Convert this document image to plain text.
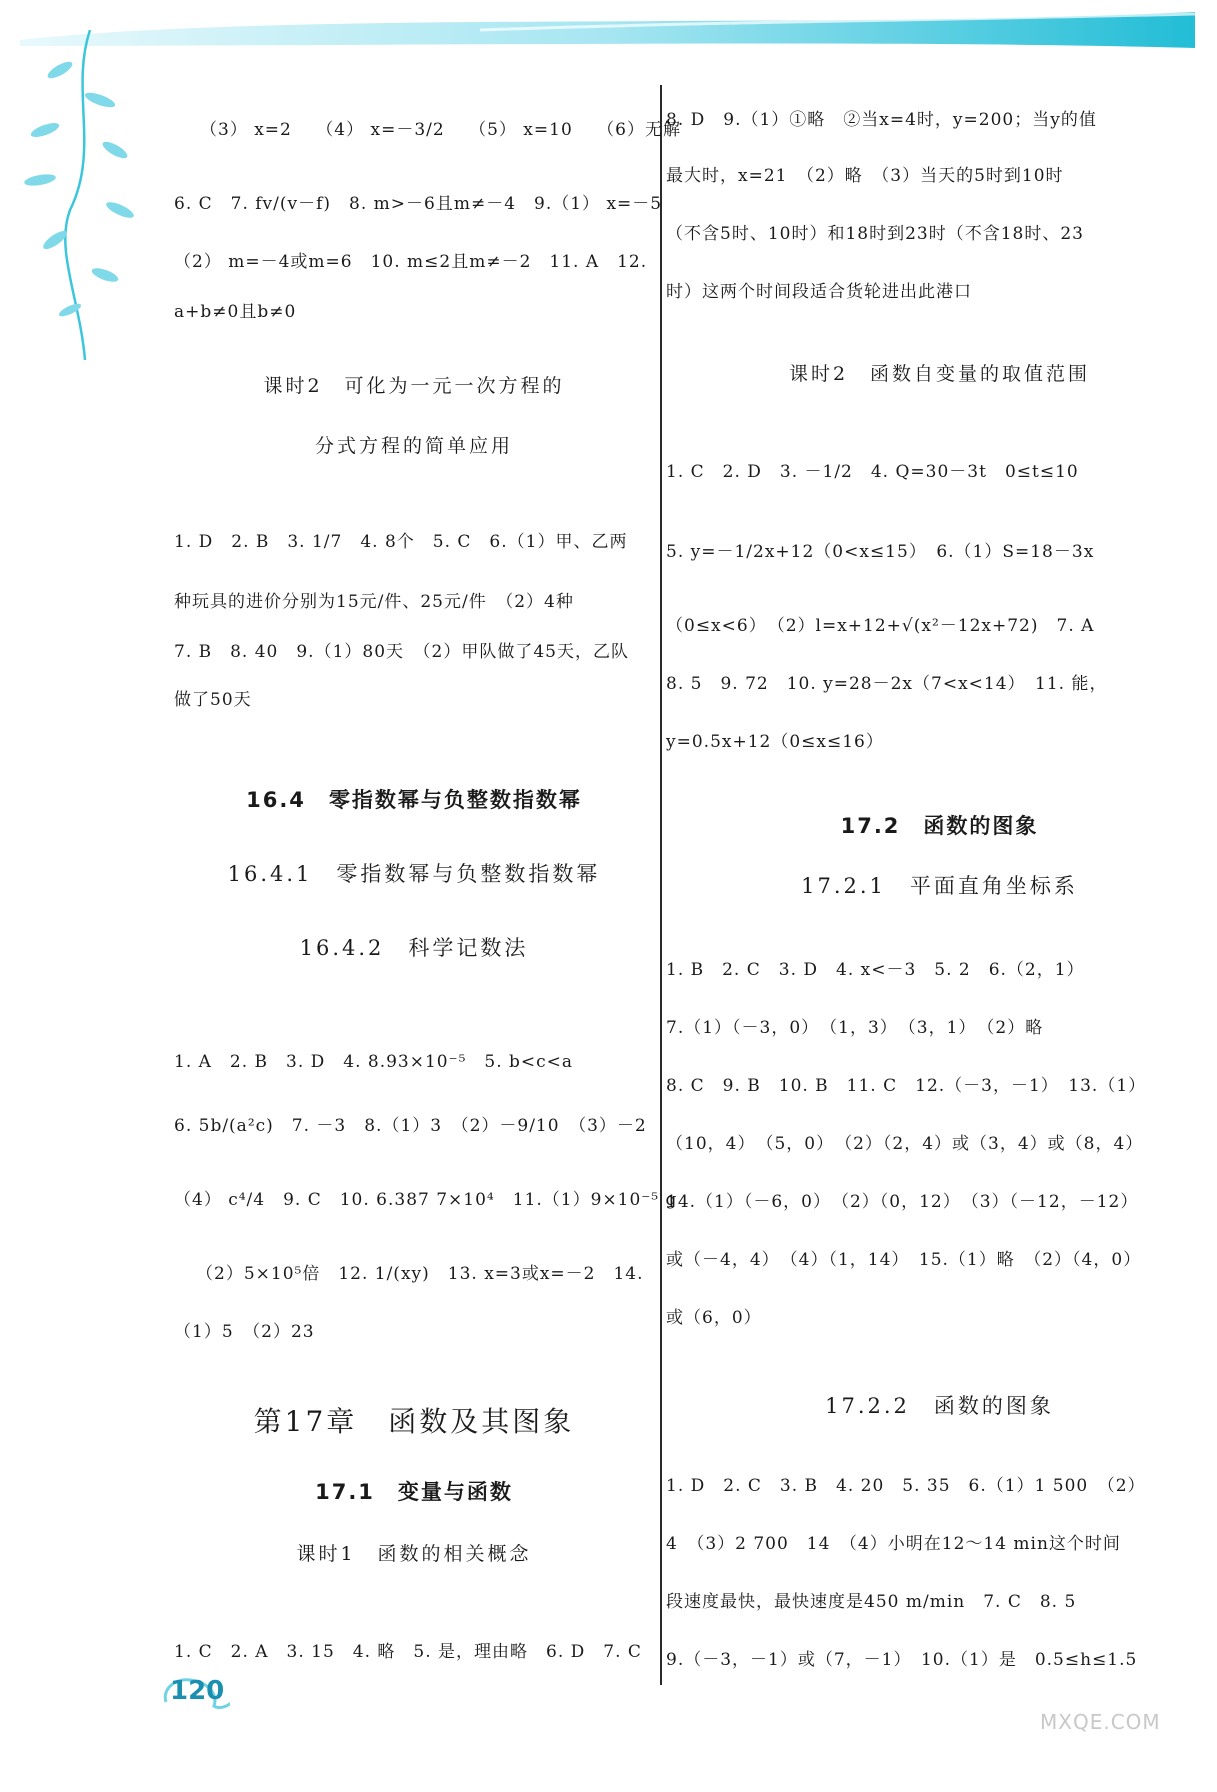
（3） x=2　 （4） x=－3/2　 （5） x=10　 （6）无解
6. C　7. fv/(v－f)　8. m>－6且m≠－4　9.（1） x=－5
（2） m=－4或m=6　10. m≤2且m≠－2　11. A　12.
a+b≠0且b≠0
课时2　可化为一元一次方程的
分式方程的简单应用
1. D　2. B　3. 1/7　4. 8个　5. C　6.（1）甲、乙两
种玩具的进价分别为15元/件、25元/件　（2）4种
7. B　8. 40　9.（1）80天　（2）甲队做了45天，乙队
做了50天
16.4　零指数幂与负整数指数幂
16.4.1　零指数幂与负整数指数幂
16.4.2　科学记数法
1. A　2. B　3. D　4. 8.93×10⁻⁵　5. b<c<a
6. 5b/(a²c)　7. －3　8.（1）3　（2）－9/10　（3）－2
（4） c⁴/4　9. C　10. 6.387 7×10⁴　11.（1）9×10⁻⁵ g
（2）5×10⁵倍　12. 1/(xy)　13. x=3或x=－2　14.
（1）5　（2）23
第17章　函数及其图象
17.1　变量与函数
课时1　函数的相关概念
1. C　2. A　3. 15　4. 略　5. 是，理由略　6. D　7. C
8. D　9.（1）①略　②当x=4时，y=200；当y的值
最大时，x=21　（2）略　（3）当天的5时到10时
（不含5时、10时）和18时到23时（不含18时、23
时）这两个时间段适合货轮进出此港口
课时2　函数自变量的取值范围
1. C　2. D　3. －1/2　4. Q=30－3t　0≤t≤10
5. y=－1/2x+12（0<x≤15）　6.（1）S=18－3x
（0≤x<6）　（2）l=x+12+√(x²－12x+72)　7. A
8. 5　9. 72　10. y=28－2x（7<x<14）　11. 能，
y=0.5x+12（0≤x≤16）
17.2　函数的图象
17.2.1　平面直角坐标系
1. B　2. C　3. D　4. x<－3　5. 2　6.（2，1）
7.（1）（－3，0）　（1，3）　（3，1）　（2）略
8. C　9. B　10. B　11. C　12.（－3，－1）　13.（1）
（10，4）　（5，0）　（2）（2，4）或（3，4）或（8，4）
14.（1）（－6，0）　（2）（0，12）　（3）（－12，－12）
或（－4，4）　（4）（1，14）　15.（1）略　（2）（4，0）
或（6，0）
17.2.2　函数的图象
1. D　2. C　3. B　4. 20　5. 35　6.（1）1 500　（2）
4　（3）2 700　14　（4）小明在12～14 min这个时间
段速度最快，最快速度是450 m/min　7. C　8. 5
9.（－3，－1）或（7，－1）　10.（1）是　0.5≤h≤1.5
120
MXQE.COM
